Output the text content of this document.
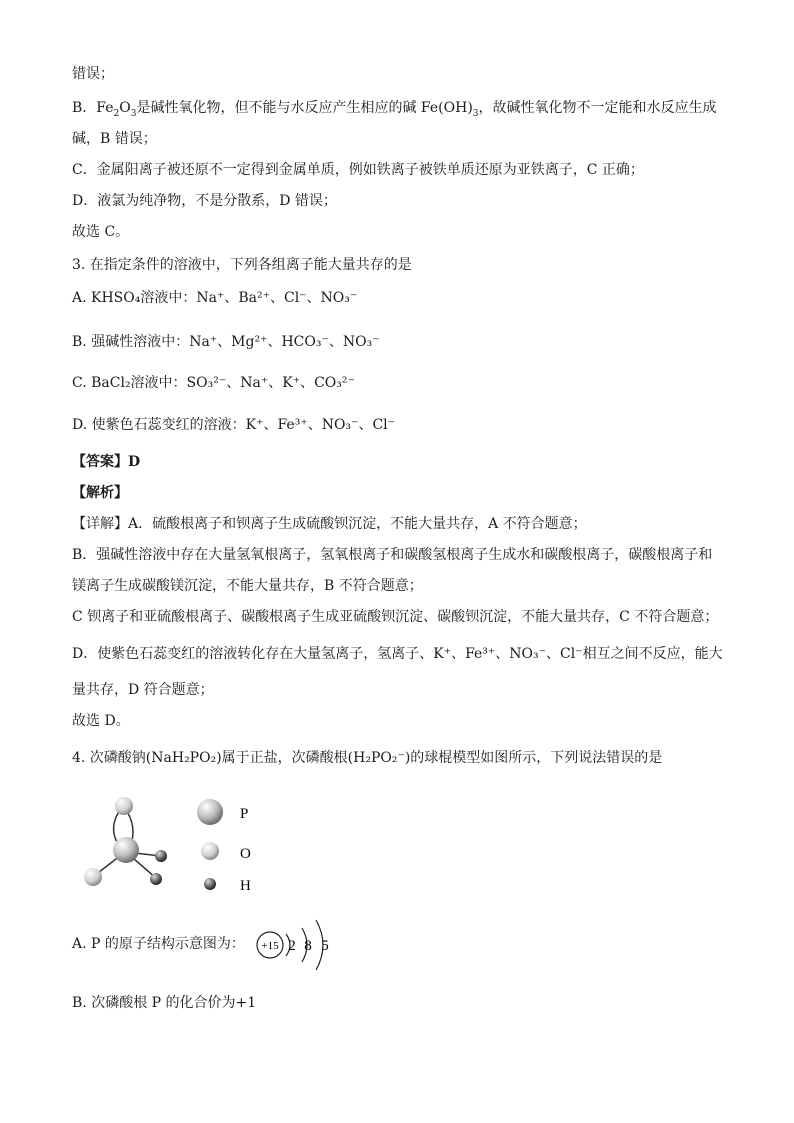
错误；
B．$Fe_2O_3$是碱性氧化物，但不能与水反应产生相应的碱 $Fe(OH)_3$，故碱性氧化物不一定能和水反应生成
碱，B 错误；
C．金属阳离子被还原不一定得到金属单质，例如铁离子被铁单质还原为亚铁离子，C 正确；
D．液氯为纯净物，不是分散系，D 错误；
故选 C。
3. 在指定条件的溶液中，下列各组离子能大量共存的是
A. KHSO₄溶液中：Na⁺、Ba²⁺、Cl⁻、NO₃⁻
B. 强碱性溶液中：Na⁺、Mg²⁺、HCO₃⁻、NO₃⁻
C. BaCl₂溶液中：SO₃²⁻、Na⁺、K⁺、CO₃²⁻
D. 使紫色石蕊变红的溶液：K⁺、Fe³⁺、NO₃⁻、Cl⁻
【答案】D
【解析】
【详解】A．硫酸根离子和钡离子生成硫酸钡沉淀，不能大量共存，A 不符合题意；
B．强碱性溶液中存在大量氢氧根离子，氢氧根离子和碳酸氢根离子生成水和碳酸根离子，碳酸根离子和
镁离子生成碳酸镁沉淀，不能大量共存，B 不符合题意；
C 钡离子和亚硫酸根离子、碳酸根离子生成亚硫酸钡沉淀、碳酸钡沉淀，不能大量共存，C 不符合题意；
D．使紫色石蕊变红的溶液转化存在大量氢离子，氢离子、K⁺、Fe³⁺、NO₃⁻、Cl⁻相互之间不反应，能大
量共存，D 符合题意；
故选 D。
4. 次磷酸钠(NaH₂PO₂)属于正盐，次磷酸根(H₂PO₂⁻)的球棍模型如图所示，下列说法错误的是
P
O
H
A. P 的原子结构示意图为： +15 2 8 5
B. 次磷酸根 P 的化合价为+1
